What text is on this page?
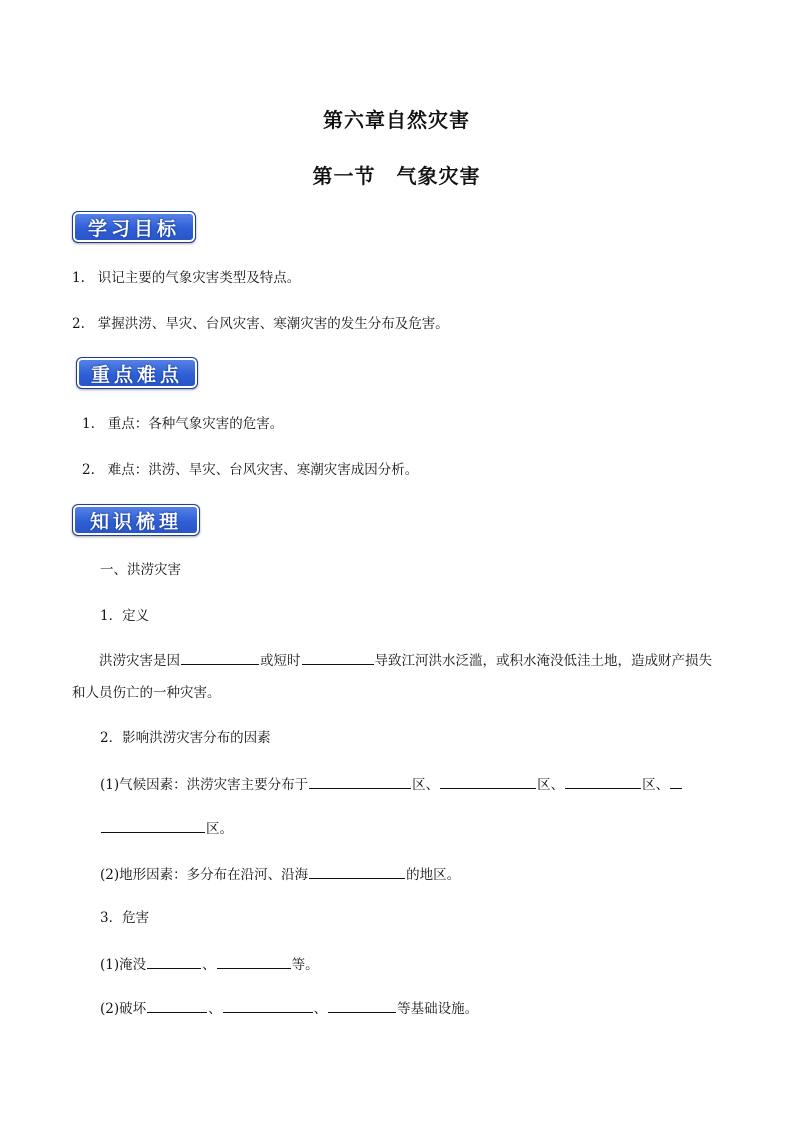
第六章自然灾害
第一节　气象灾害
学习目标
1. 识记主要的气象灾害类型及特点。
2. 掌握洪涝、旱灾、台风灾害、寒潮灾害的发生分布及危害。
重点难点
1. 重点：各种气象灾害的危害。
2. 难点：洪涝、旱灾、台风灾害、寒潮灾害成因分析。
知识梳理
一、洪涝灾害
1．定义
洪涝灾害是因	或短时	导致江河洪水泛滥，或积水淹没低洼土地，造成财产损失和人员伤亡的一种灾害。
2．影响洪涝灾害分布的因素
(1)气候因素：洪涝灾害主要分布于	区、	区、	区、
区。
(2)地形因素：多分布在沿河、沿海	的地区。
3．危害
(1)淹没	、	等。
(2)破坏	、	、	等基础设施。
